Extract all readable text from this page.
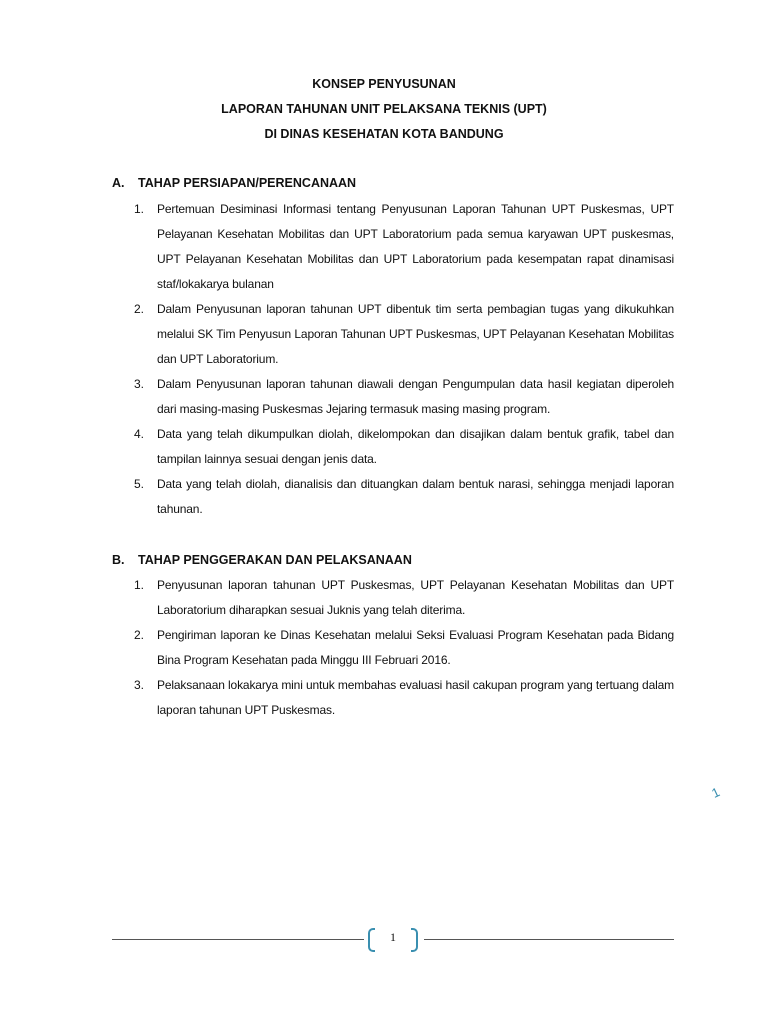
KONSEP PENYUSUNAN
LAPORAN TAHUNAN UNIT PELAKSANA TEKNIS (UPT)
DI DINAS KESEHATAN KOTA BANDUNG
A. TAHAP PERSIAPAN/PERENCANAAN
1.	Pertemuan Desiminasi Informasi tentang Penyusunan Laporan Tahunan UPT Puskesmas, UPT Pelayanan Kesehatan Mobilitas dan UPT Laboratorium pada semua karyawan UPT puskesmas, UPT Pelayanan Kesehatan Mobilitas dan UPT Laboratorium pada kesempatan rapat dinamisasi staf/lokakarya bulanan
2.	Dalam Penyusunan laporan tahunan UPT dibentuk tim serta pembagian tugas yang dikukuhkan melalui SK Tim Penyusun Laporan Tahunan UPT Puskesmas, UPT Pelayanan Kesehatan Mobilitas dan UPT Laboratorium.
3.	Dalam Penyusunan laporan tahunan diawali dengan Pengumpulan data hasil kegiatan diperoleh dari masing-masing Puskesmas Jejaring termasuk masing masing program.
4.	Data yang telah dikumpulkan diolah, dikelompokan dan disajikan dalam bentuk grafik, tabel dan tampilan lainnya sesuai dengan jenis data.
5.	Data yang telah diolah, dianalisis dan dituangkan dalam bentuk narasi, sehingga menjadi laporan tahunan.
B. TAHAP PENGGERAKAN DAN PELAKSANAAN
1.	Penyusunan laporan tahunan UPT Puskesmas, UPT Pelayanan Kesehatan Mobilitas dan UPT Laboratorium diharapkan sesuai Juknis yang telah diterima.
2.	Pengiriman laporan ke Dinas Kesehatan melalui Seksi Evaluasi Program Kesehatan pada Bidang Bina Program Kesehatan pada Minggu III Februari 2016.
3.	Pelaksanaan lokakarya mini untuk membahas evaluasi hasil cakupan program yang tertuang dalam laporan tahunan UPT Puskesmas.
1
1
